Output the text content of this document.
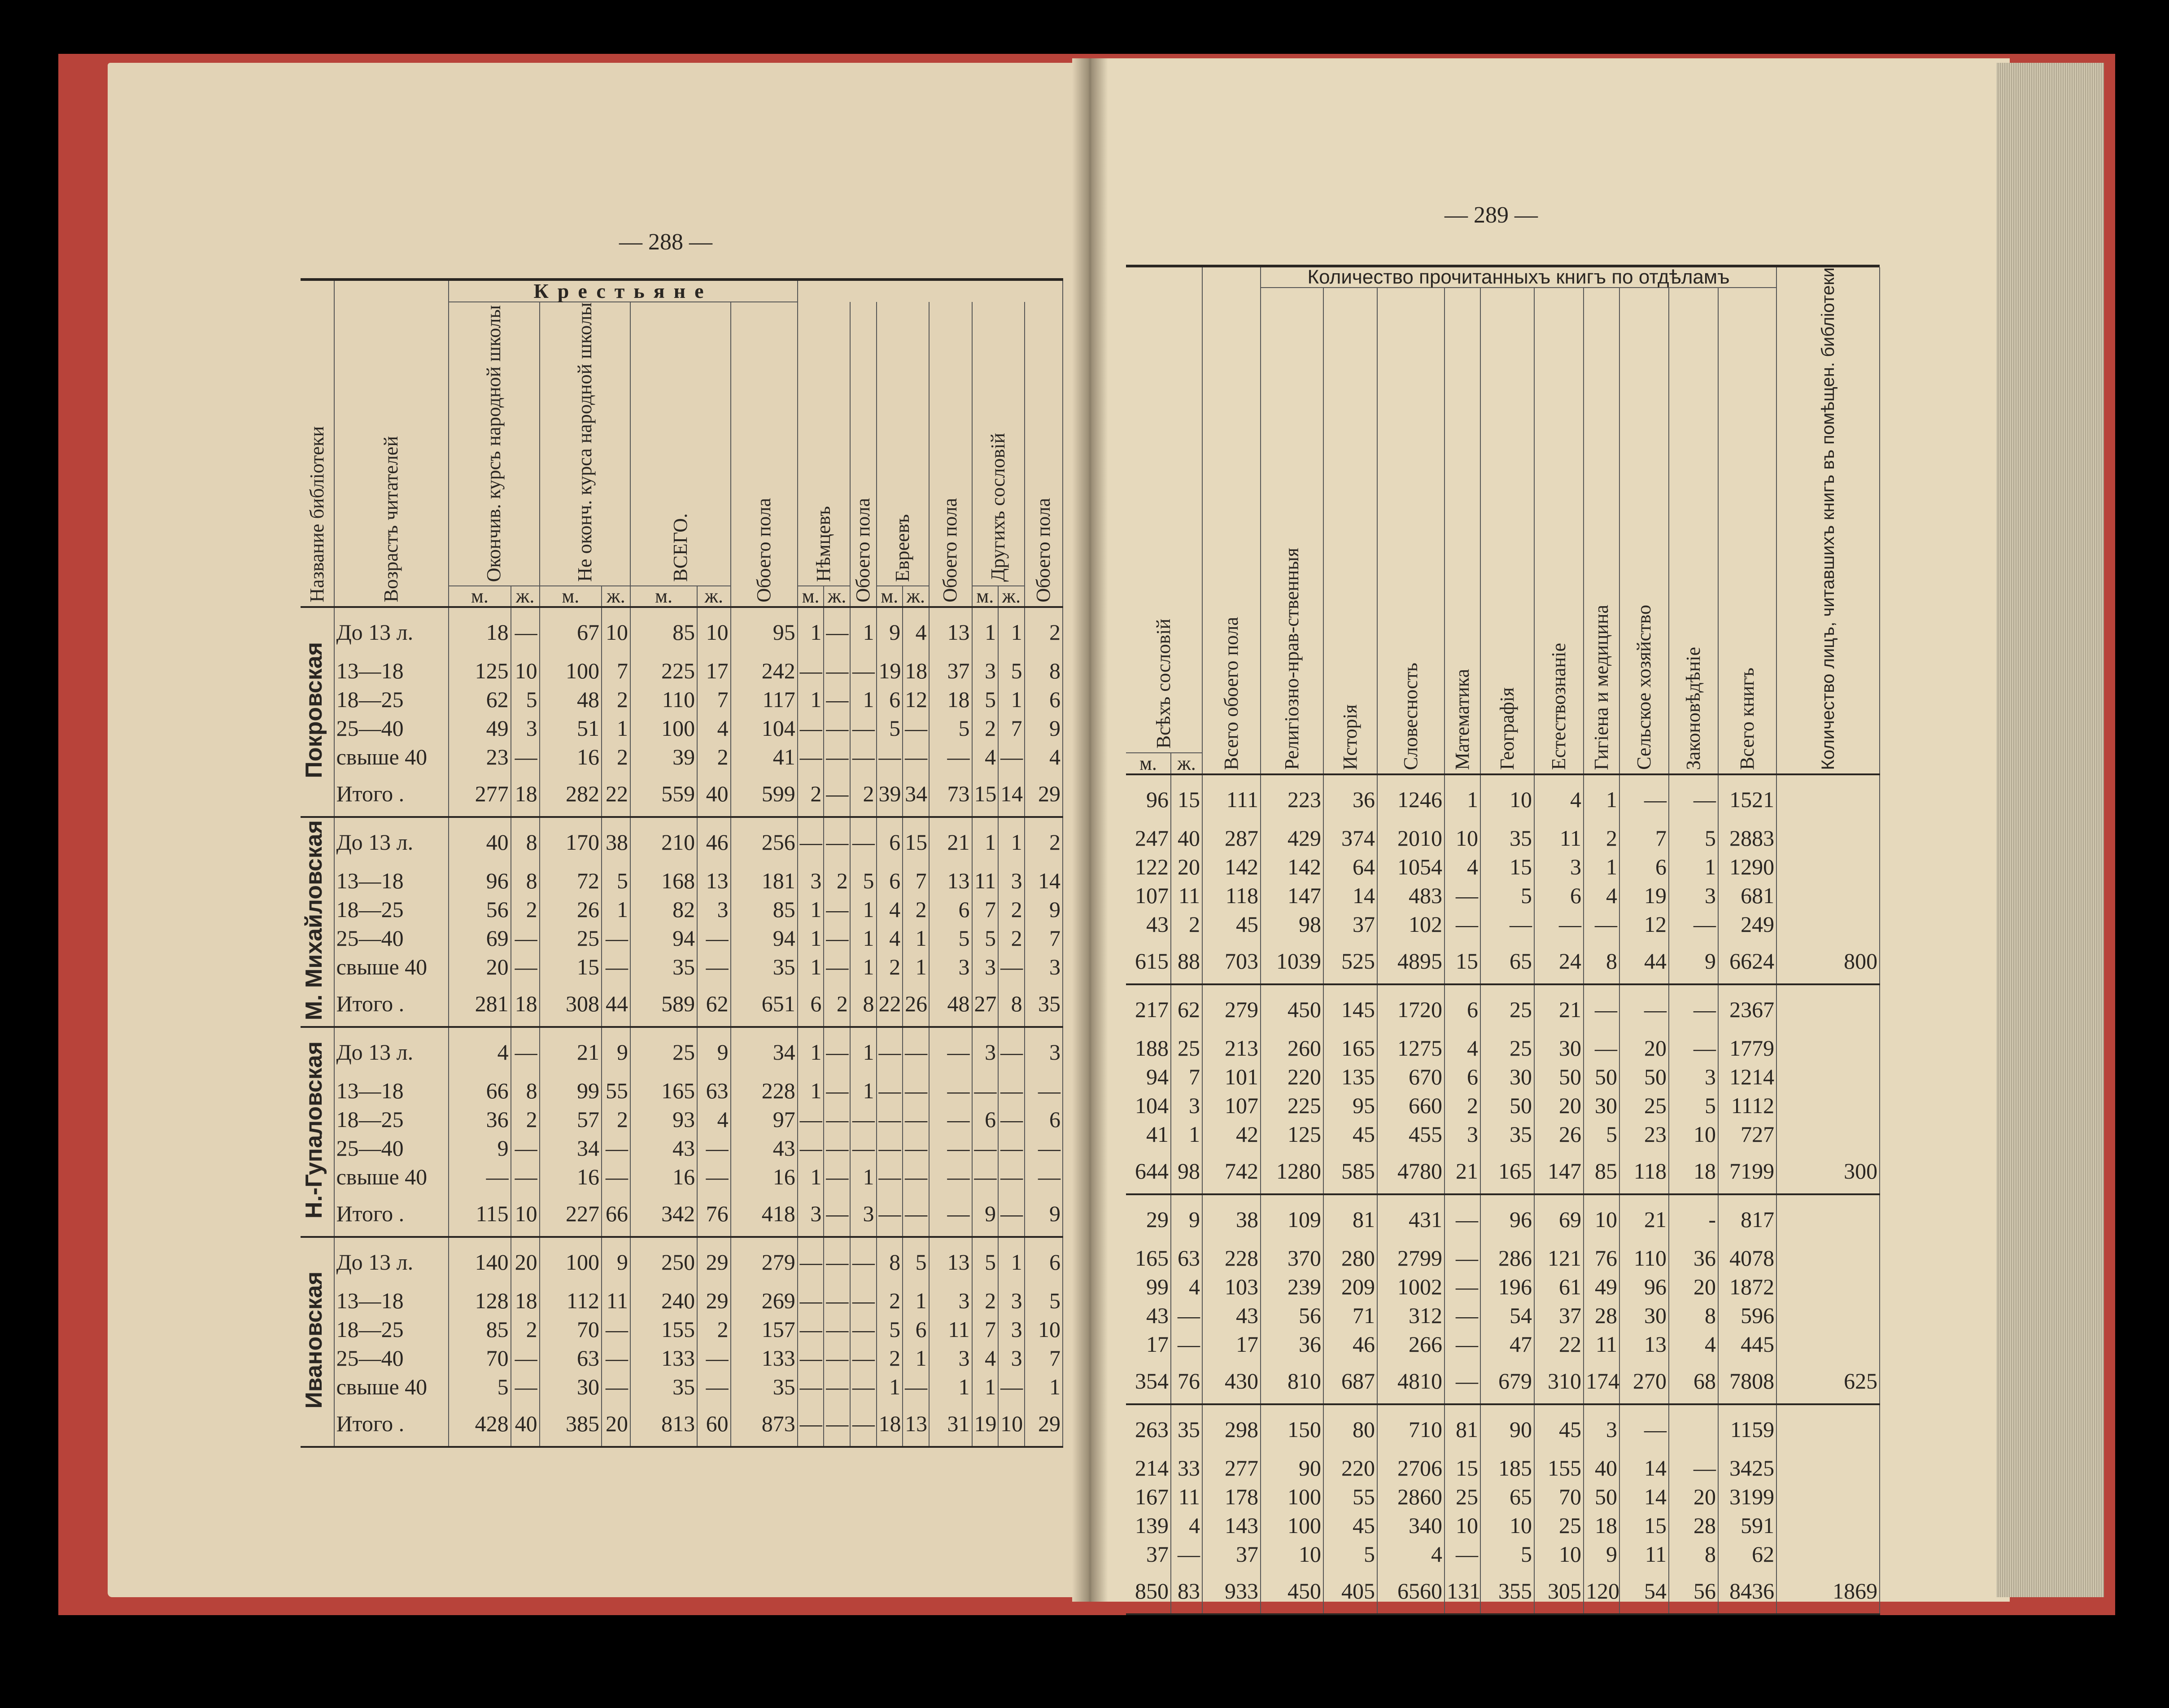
— 288 —
— 289 —
Название библіотеки	Возрастъ читателей	Крестьяне															
		Окончив. курсъ народной школы		Не оконч. курса народной школы		ВСЕГО.		Обоего пола	Нѣмцевъ		Обоего пола	Евреевъ		Обоего пола	Другихъ сословій		Обоего пола
		м.	ж.	м.	ж.	м.	ж.		м.	ж.		м.	ж.		м.	ж.	
Покровская	До 13 л.	18	—	67	10	85	10	95	1	—	1	9	4	13	1	1	2
	13—18	125	10	100	7	225	17	242	—	—	—	19	18	37	3	5	8
	18—25	62	5	48	2	110	7	117	1	—	1	6	12	18	5	1	6
	25—40	49	3	51	1	100	4	104	—	—	—	5	—	5	2	7	9
	свыше 40	23	—	16	2	39	2	41	—	—	—	—	—	—	4	—	4
	Итого .	277	18	282	22	559	40	599	2	—	2	39	34	73	15	14	29
М. Михайловская	До 13 л.	40	8	170	38	210	46	256	—	—	—	6	15	21	1	1	2
	13—18	96	8	72	5	168	13	181	3	2	5	6	7	13	11	3	14
	18—25	56	2	26	1	82	3	85	1	—	1	4	2	6	7	2	9
	25—40	69	—	25	—	94	—	94	1	—	1	4	1	5	5	2	7
	свыше 40	20	—	15	—	35	—	35	1	—	1	2	1	3	3	—	3
	Итого .	281	18	308	44	589	62	651	6	2	8	22	26	48	27	8	35
Н.-Гупаловская	До 13 л.	4	—	21	9	25	9	34	1	—	1	—	—	—	3	—	3
	13—18	66	8	99	55	165	63	228	1	—	1	—	—	—	—	—	—
	18—25	36	2	57	2	93	4	97	—	—	—	—	—	—	6	—	6
	25—40	9	—	34	—	43	—	43	—	—	—	—	—	—	—	—	—
	свыше 40	—	—	16	—	16	—	16	1	—	1	—	—	—	—	—	—
	Итого .	115	10	227	66	342	76	418	3	—	3	—	—	—	9	—	9
Ивановская	До 13 л.	140	20	100	9	250	29	279	—	—	—	8	5	13	5	1	6
	13—18	128	18	112	11	240	29	269	—	—	—	2	1	3	2	3	5
	18—25	85	2	70	—	155	2	157	—	—	—	5	6	11	7	3	10
	25—40	70	—	63	—	133	—	133	—	—	—	2	1	3	4	3	7
	свыше 40	5	—	30	—	35	—	35	—	—	—	1	—	1	1	—	1
	Итого .	428	40	385	20	813	60	873	—	—	—	18	13	31	19	10	29
Всѣхъ сословій		Всего обоего пола	Количество прочитанныхъ книгъ по отдѣламъ										Количество лицъ, читавшихъ книгъ въ помѣщен. библіотеки
			Религіозно-нрав-ственныя	Исторія	Словесность	Математика	Географія	Естествознаніе	Гигіена и медицина	Сельское хозяйство	Законовѣдѣніе	Всего книгъ	
м.	ж.												
96	15	111	223	36	1246	1	10	4	1	—	—	1521	
247	40	287	429	374	2010	10	35	11	2	7	5	2883	
122	20	142	142	64	1054	4	15	3	1	6	1	1290	
107	11	118	147	14	483	—	5	6	4	19	3	681	
43	2	45	98	37	102	—	—	—	—	12	—	249	
615	88	703	1039	525	4895	15	65	24	8	44	9	6624	800
217	62	279	450	145	1720	6	25	21	—	—	—	2367	
188	25	213	260	165	1275	4	25	30	—	20	—	1779	
94	7	101	220	135	670	6	30	50	50	50	3	1214	
104	3	107	225	95	660	2	50	20	30	25	5	1112	
41	1	42	125	45	455	3	35	26	5	23	10	727	
644	98	742	1280	585	4780	21	165	147	85	118	18	7199	300
29	9	38	109	81	431	—	96	69	10	21	-	817	
165	63	228	370	280	2799	—	286	121	76	110	36	4078	
99	4	103	239	209	1002	—	196	61	49	96	20	1872	
43	—	43	56	71	312	—	54	37	28	30	8	596	
17	—	17	36	46	266	—	47	22	11	13	4	445	
354	76	430	810	687	4810	—	679	310	174	270	68	7808	625
263	35	298	150	80	710	81	90	45	3	—		1159	
214	33	277	90	220	2706	15	185	155	40	14	—	3425	
167	11	178	100	55	2860	25	65	70	50	14	20	3199	
139	4	143	100	45	340	10	10	25	18	15	28	591	
37	—	37	10	5	4	—	5	10	9	11	8	62	
850	83	933	450	405	6560	131	355	305	120	54	56	8436	1869
